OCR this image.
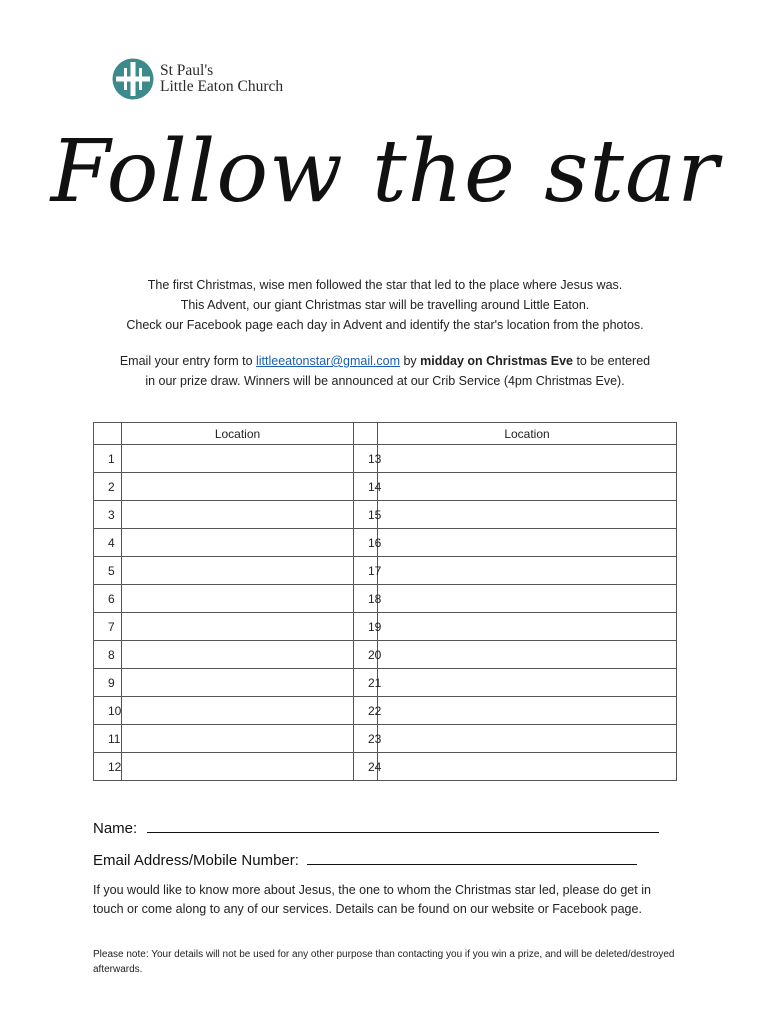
St Paul's
Little Eaton Church
Follow the star

The first Christmas, wise men followed the star that led to the place where Jesus was.

This Advent, our giant Christmas star will be travelling around Little Eaton.

Check our Facebook page each day in Advent and identify the star's location from the photos.

Email your entry form to littleeatonstar@gmail.com by midday on Christmas Eve to be entered

in our prize draw. Winners will be announced at our Crib Service (4pm Christmas Eve).

	Location		Location
1		13	
2		14	
3		15	
4		16	
5		17	
6		18	
7		19	
8		20	
9		21	
10		22	
11		23	
12		24	
Name:
Email Address/Mobile Number:

If you would like to know more about Jesus, the one to whom the Christmas star led, please do get in touch or come along to any of our services. Details can be found on our website or Facebook page.

Please note: Your details will not be used for any other purpose than contacting you if you win a prize, and will be deleted/destroyed afterwards.
